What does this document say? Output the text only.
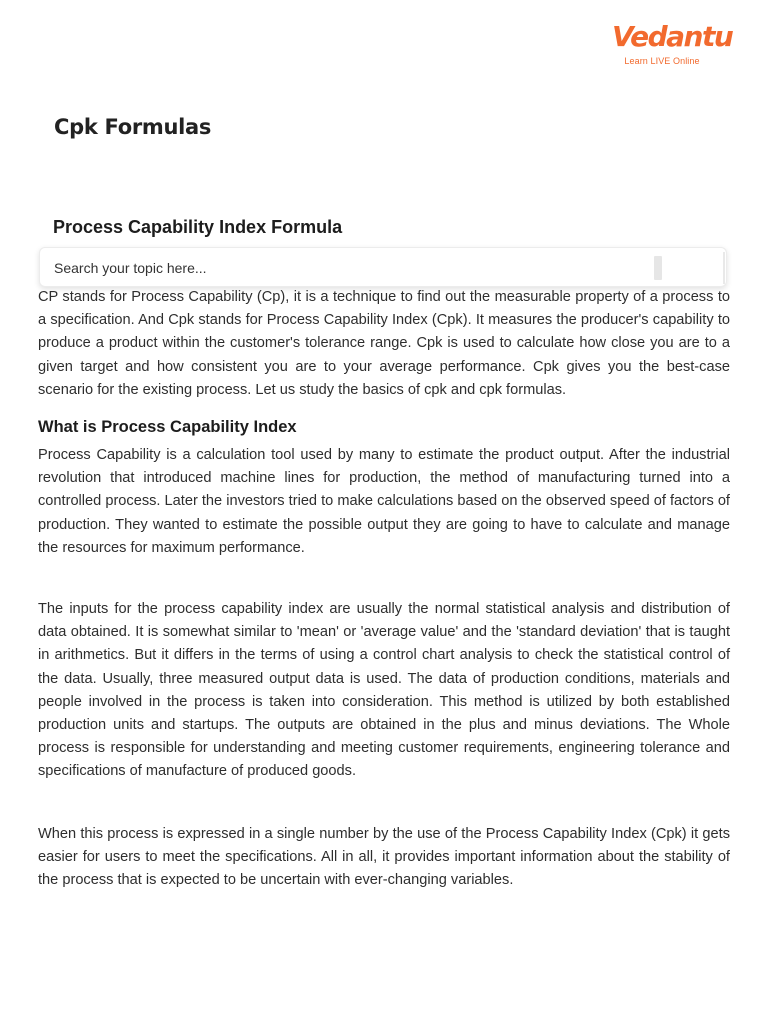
Vedantu
Learn LIVE Online
Cpk Formulas
Process Capability Index Formula
Search your topic here...

CP stands for Process Capability (Cp), it is a technique to find out the measurable property of a process to a specification. And Cpk stands for Process Capability Index (Cpk). It measures the producer's capability to produce a product within the customer's tolerance range. Cpk is used to calculate how close you are to a given target and how consistent you are to your average performance. Cpk gives you the best-case scenario for the existing process. Let us study the basics of cpk and cpk formulas.

What is Process Capability Index

Process Capability is a calculation tool used by many to estimate the product output. After the industrial revolution that introduced machine lines for production, the method of manufacturing turned into a controlled process. Later the investors tried to make calculations based on the observed speed of factors of production. They wanted to estimate the possible output they are going to have to calculate and manage the resources for maximum performance.

The inputs for the process capability index are usually the normal statistical analysis and distribution of data obtained. It is somewhat similar to 'mean' or 'average value' and the 'standard deviation' that is taught in arithmetics. But it differs in the terms of using a control chart analysis to check the statistical control of the data. Usually, three measured output data is used. The data of production conditions, materials and people involved in the process is taken into consideration. This method is utilized by both established production units and startups. The outputs are obtained in the plus and minus deviations. The Whole process is responsible for understanding and meeting customer requirements, engineering tolerance and specifications of manufacture of produced goods.

When this process is expressed in a single number by the use of the Process Capability Index (Cpk) it gets easier for users to meet the specifications. All in all, it provides important information about the stability of the process that is expected to be uncertain with ever-changing variables.
